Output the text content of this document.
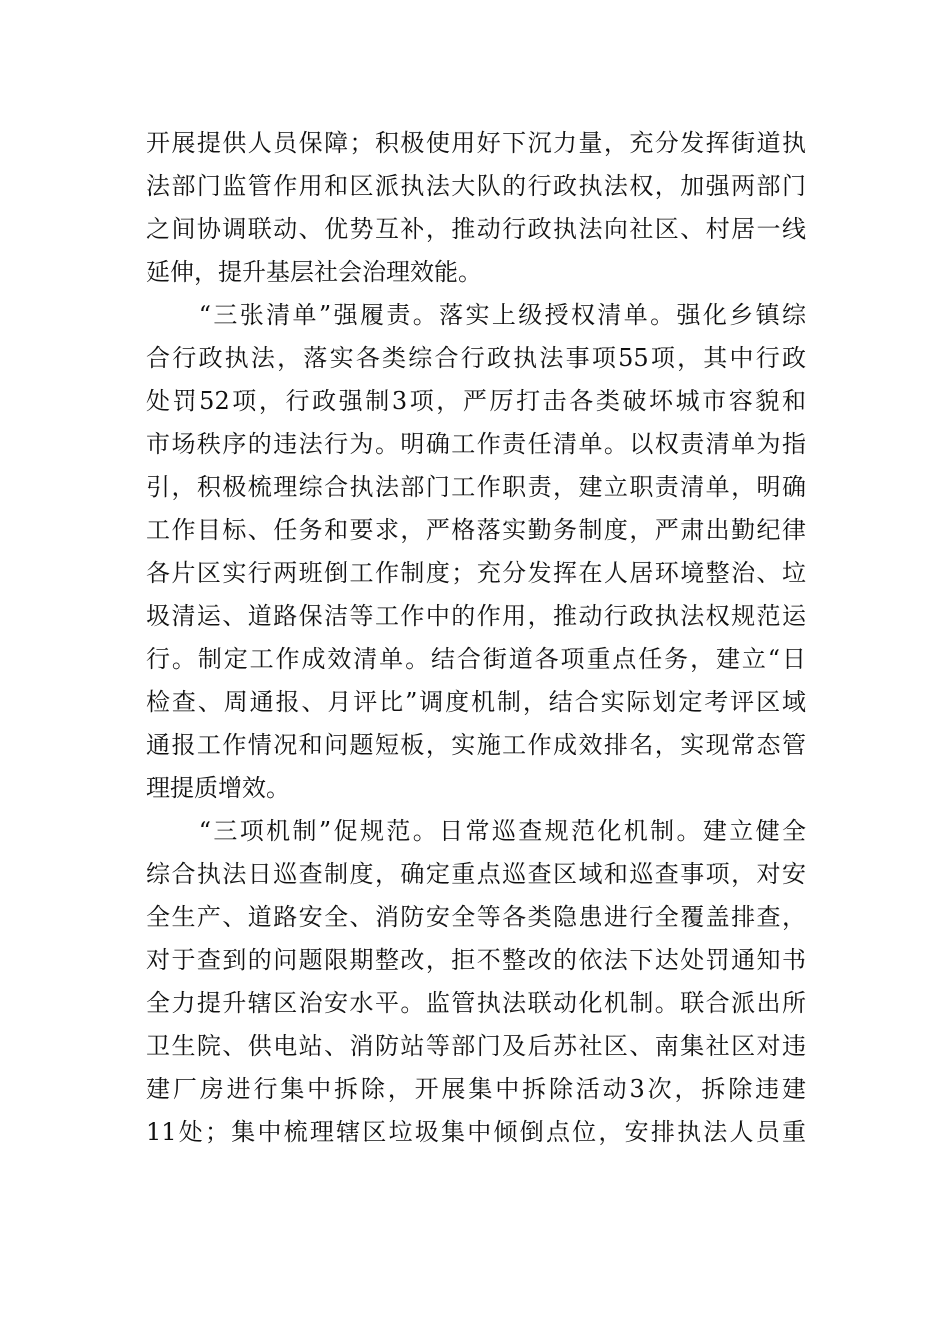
开展提供人员保障；积极使用好下沉力量，充分发挥街道执
法部门监管作用和区派执法大队的行政执法权，加强两部门
之间协调联动、优势互补，推动行政执法向社区、村居一线
延伸，提升基层社会治理效能。
　　“三张清单”强履责。落实上级授权清单。强化乡镇综
合行政执法，落实各类综合行政执法事项55项，其中行政
处罚52项，行政强制3项，严厉打击各类破坏城市容貌和
市场秩序的违法行为。明确工作责任清单。以权责清单为指
引，积极梳理综合执法部门工作职责，建立职责清单，明确
工作目标、任务和要求，严格落实勤务制度，严肃出勤纪律
各片区实行两班倒工作制度；充分发挥在人居环境整治、垃
圾清运、道路保洁等工作中的作用，推动行政执法权规范运
行。制定工作成效清单。结合街道各项重点任务，建立“日
检查、周通报、月评比”调度机制，结合实际划定考评区域
通报工作情况和问题短板，实施工作成效排名，实现常态管
理提质增效。
　　“三项机制”促规范。日常巡查规范化机制。建立健全
综合执法日巡查制度，确定重点巡查区域和巡查事项，对安
全生产、道路安全、消防安全等各类隐患进行全覆盖排查，
对于查到的问题限期整改，拒不整改的依法下达处罚通知书
全力提升辖区治安水平。监管执法联动化机制。联合派出所
卫生院、供电站、消防站等部门及后苏社区、南集社区对违
建厂房进行集中拆除，开展集中拆除活动3次，拆除违建
11处；集中梳理辖区垃圾集中倾倒点位，安排执法人员重
